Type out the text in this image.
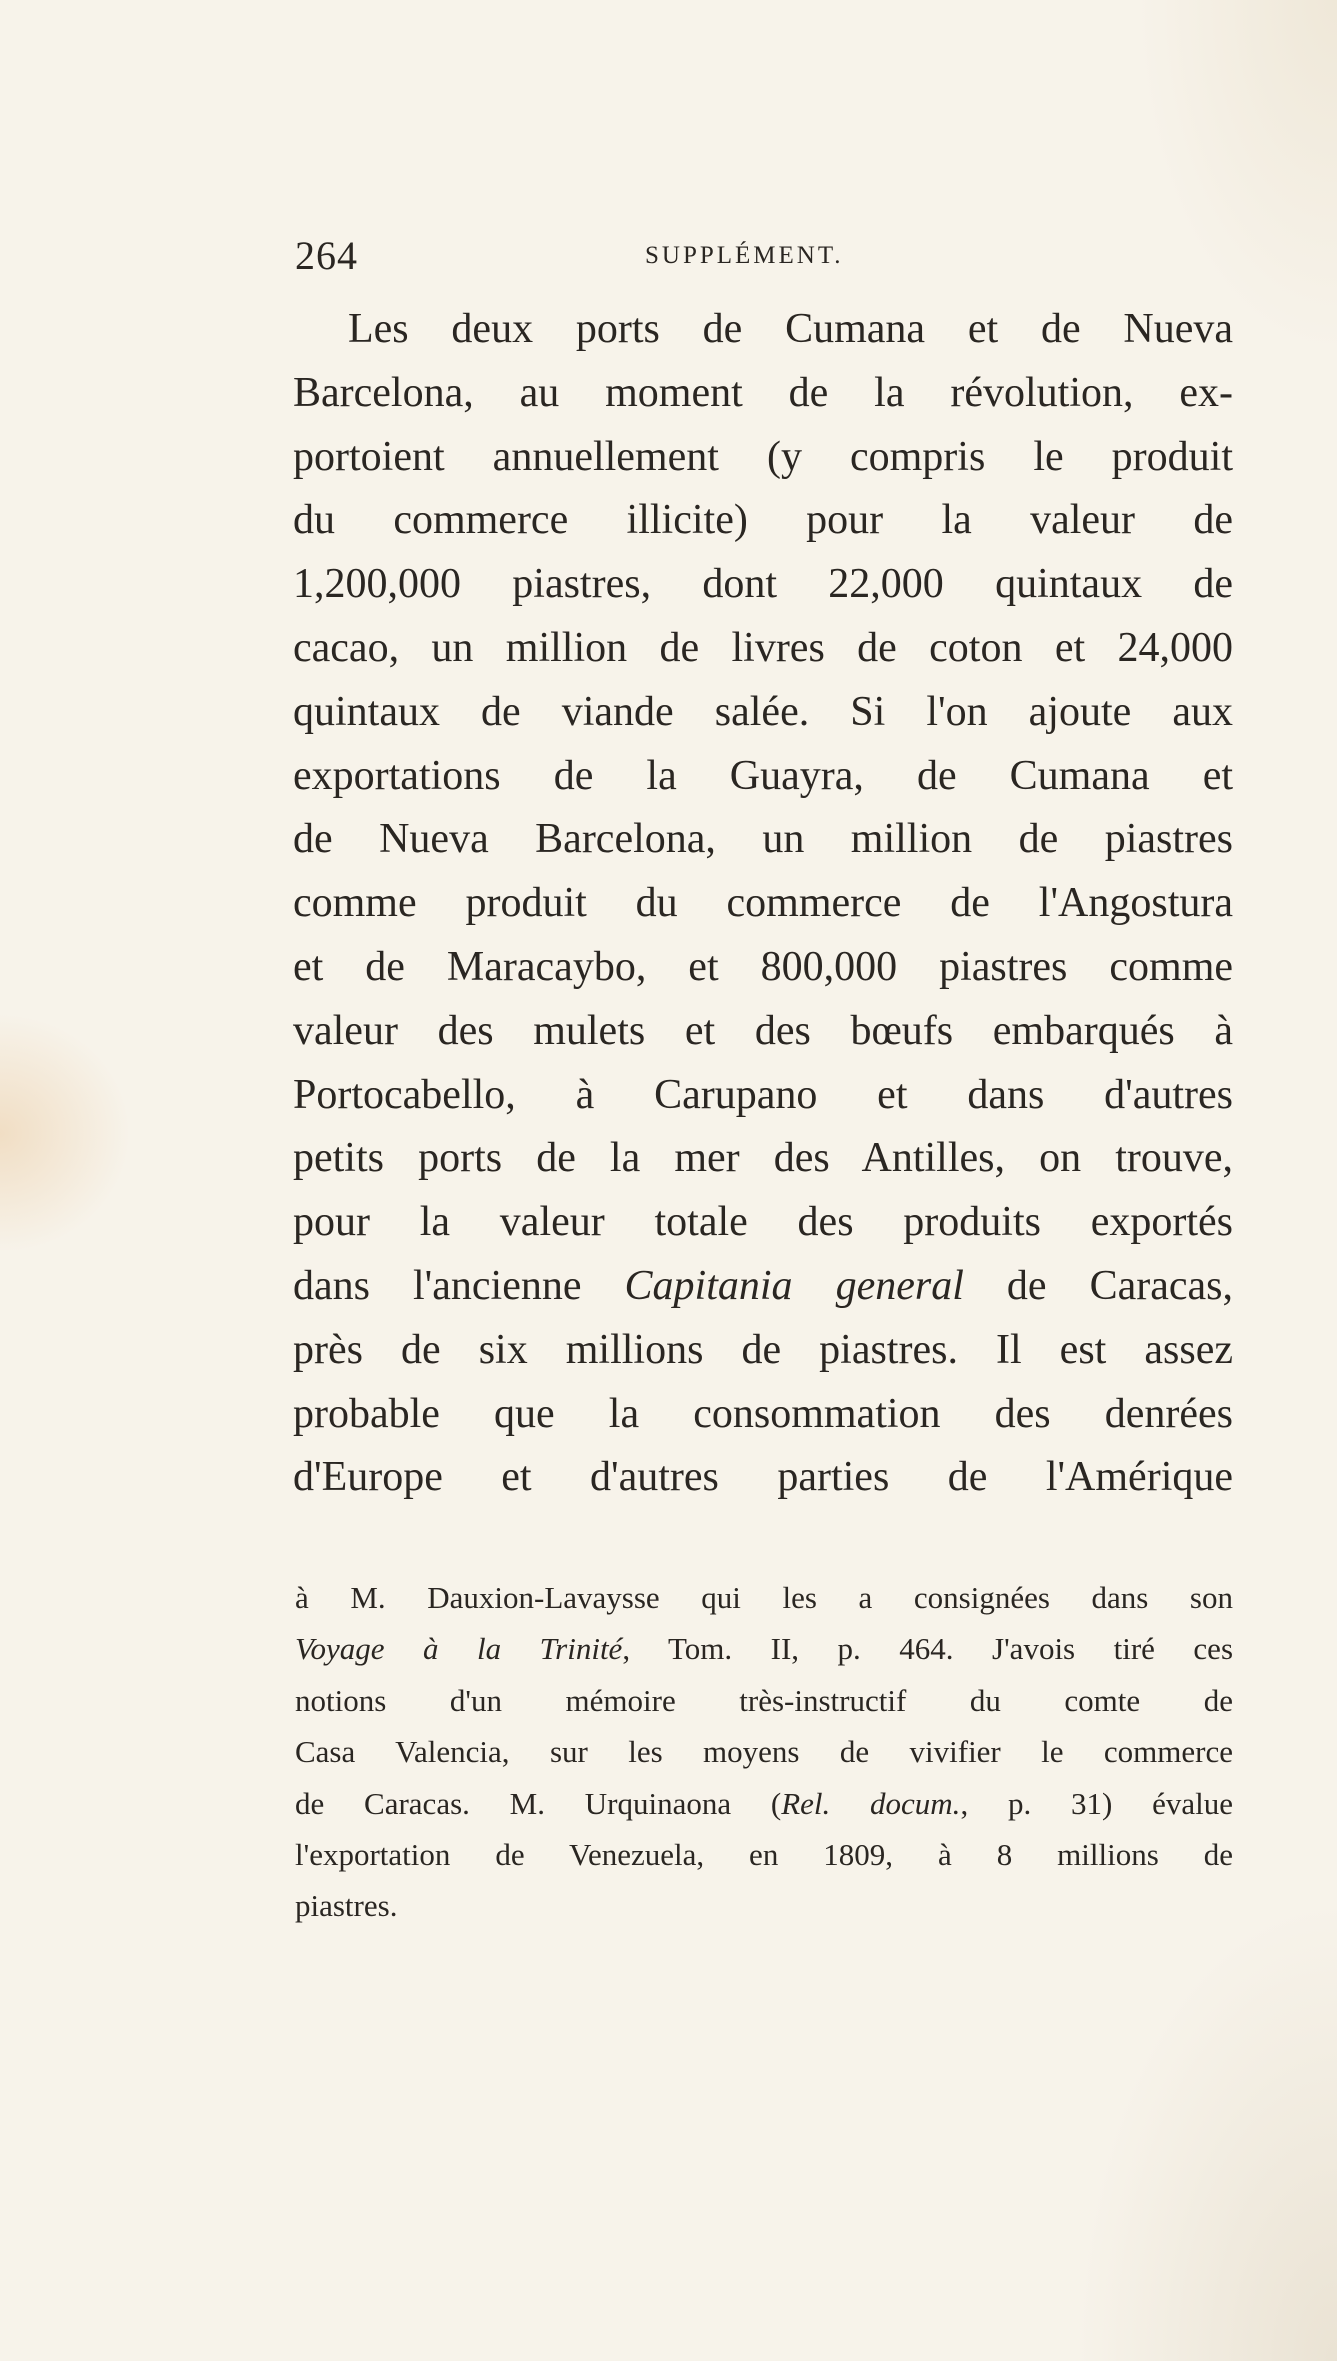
264	SUPPLÉMENT.
Les deux ports de Cumana et de Nueva
Barcelona, au moment de la révolution, ex-
portoient annuellement (y compris le produit
du commerce illicite) pour la valeur de
1,200,000 piastres, dont 22,000 quintaux de
cacao, un million de livres de coton et 24,000
quintaux de viande salée. Si l'on ajoute aux
exportations de la Guayra, de Cumana et
de Nueva Barcelona, un million de piastres
comme produit du commerce de l'Angostura
et de Maracaybo, et 800,000 piastres comme
valeur des mulets et des bœufs embarqués à
Portocabello, à Carupano et dans d'autres
petits ports de la mer des Antilles, on trouve,
pour la valeur totale des produits exportés
dans l'ancienne Capitania general de Caracas,
près de six millions de piastres. Il est assez
probable que la consommation des denrées
d'Europe et d'autres parties de l'Amérique
à M. Dauxion-Lavaysse qui les a consignées dans son
Voyage à la Trinité, Tom. II, p. 464. J'avois tiré ces
notions d'un mémoire très-instructif du comte de
Casa Valencia, sur les moyens de vivifier le commerce
de Caracas. M. Urquinaona (Rel. docum., p. 31) évalue
l'exportation de Venezuela, en 1809, à 8 millions de
piastres.
